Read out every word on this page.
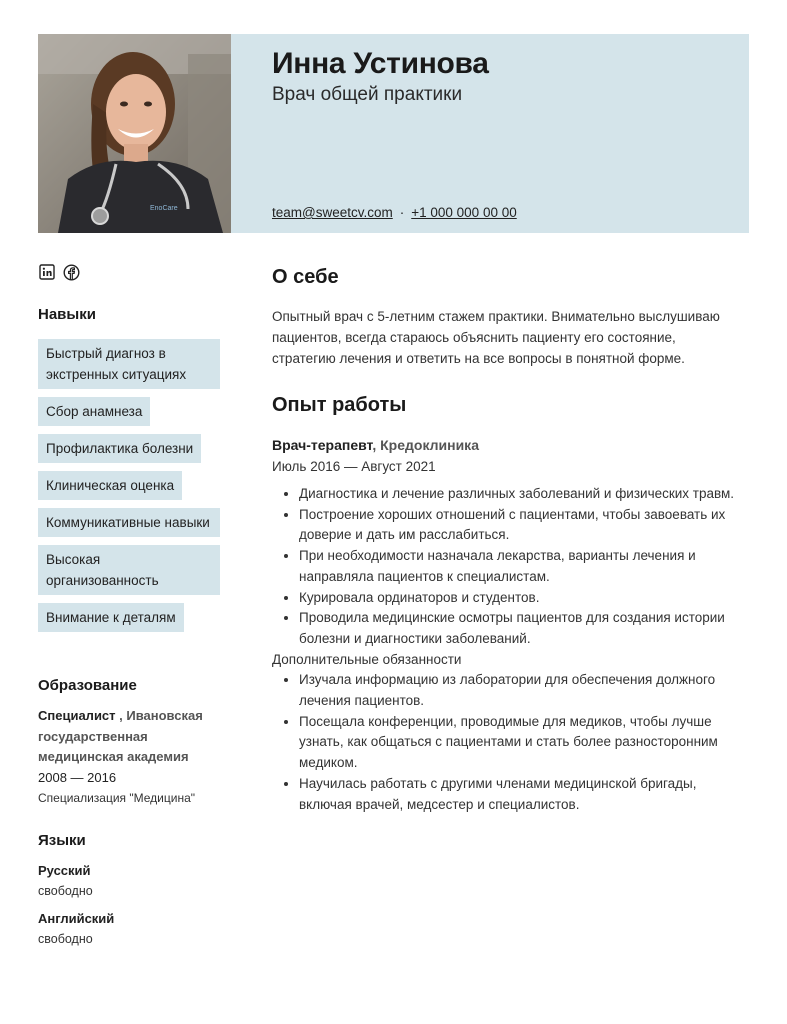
EnoCare
Инна Устинова
Врач общей практики
team@sweetcv.com · +1 000 000 00 00
Навыки
Быстрый диагноз в экстренных ситуациях
Сбор анамнеза
Профилактика болезни
Клиническая оценка
Коммуникативные навыки
Высокая организованность
Внимание к деталям
Образование
Специалист , Ивановская государственная медицинская академия
2008 — 2016
Специализация "Медицина"
Языки
Русский
свободно
Английский
свободно
О себе
Опытный врач с 5-летним стажем практики. Внимательно выслушиваю пациентов, всегда стараюсь объяснить пациенту его состояние, стратегию лечения и ответить на все вопросы в понятной форме.
Опыт работы
Врач-терапевт, Кредоклиника
Июль 2016 — Август 2021
• Диагностика и лечение различных заболеваний и физических травм.
• Построение хороших отношений с пациентами, чтобы завоевать их доверие и дать им расслабиться.
• При необходимости назначала лекарства, варианты лечения и направляла пациентов к специалистам.
• Курировала ординаторов и студентов.
• Проводила медицинские осмотры пациентов для создания истории болезни и диагностики заболеваний.

Дополнительные обязанности

• Изучала информацию из лаборатории для обеспечения должного лечения пациентов.
• Посещала конференции, проводимые для медиков, чтобы лучше узнать, как общаться с пациентами и стать более разносторонним медиком.
• Научилась работать с другими членами медицинской бригады, включая врачей, медсестер и специалистов.
